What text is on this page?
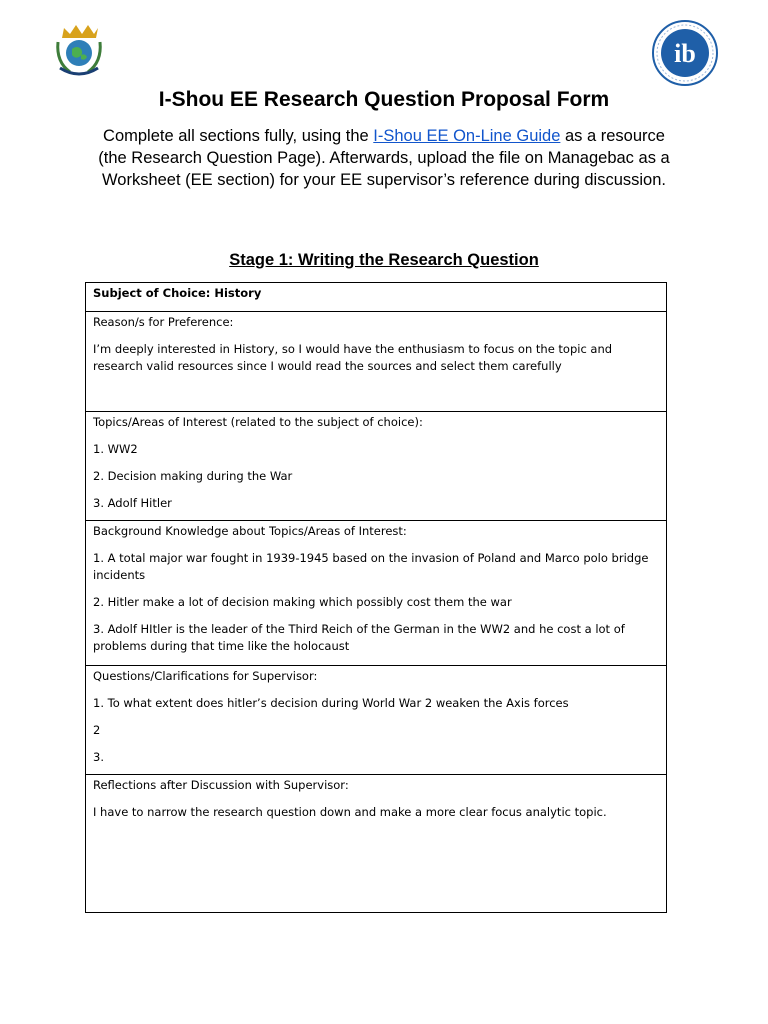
ib
I-Shou EE Research Question Proposal Form
Complete all sections fully, using the I-Shou EE On-Line Guide as a resource (the Research Question Page). Afterwards, upload the file on Managebac as a Worksheet (EE section) for your EE supervisor’s reference during discussion.
Stage 1: Writing the Research Question
Subject of Choice: History

Reason/s for Preference:
I’m deeply interested in History, so I would have the enthusiasm to focus on the topic and research valid resources since I would read the sources and select them carefully

Topics/Areas of Interest (related to the subject of choice):
1. WW2
2. Decision making during the War
3. Adolf Hitler

Background Knowledge about Topics/Areas of Interest:
1. A total major war fought in 1939-1945 based on the invasion of Poland and Marco polo bridge incidents
2. Hitler make a lot of decision making which possibly cost them the war
3. Adolf HItler is the leader of the Third Reich of the German in the WW2 and he cost a lot of problems during that time like the holocaust

Questions/Clarifications for Supervisor:
1. To what extent does hitler’s decision during World War 2 weaken the Axis forces
2
3.

Reflections after Discussion with Supervisor:
I have to narrow the research question down and make a more clear focus analytic topic.
